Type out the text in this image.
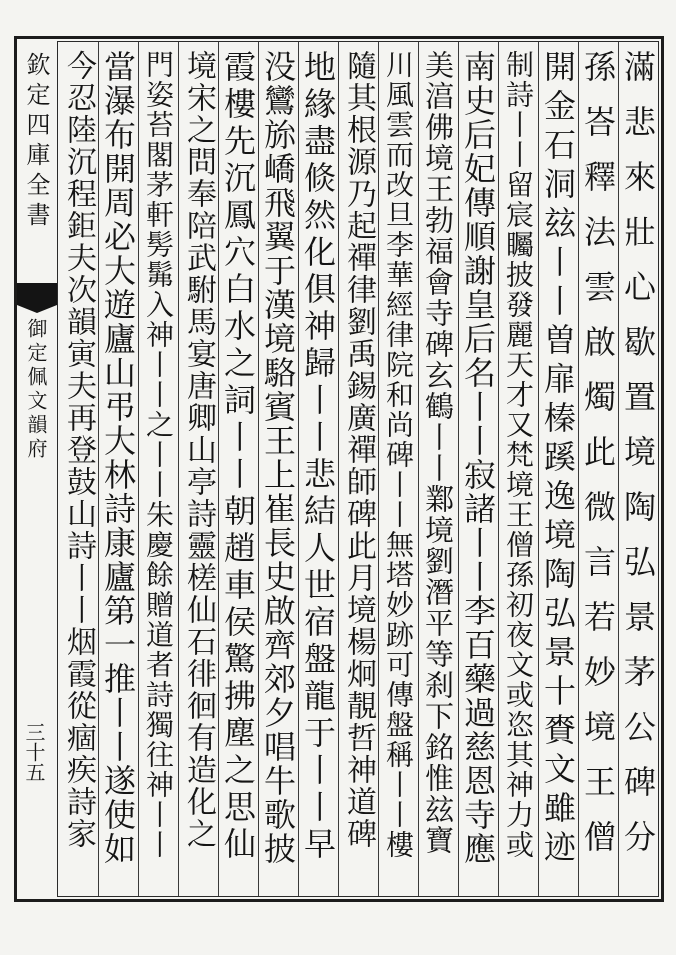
欽定四庫全書
御定佩文韻府
三十五	滿悲來壯心歇置境陶弘景茅公碑分
孫峇釋法雲啟燭此微言若妙境王僧
開金石洞玆丨丨曽扉榛蹊逸境陶弘景十賚文雖迹
制詩丨丨留宸矚披發麗天才又梵境王僧孫初夜文或恣其神力或
南史后妃傳順謝皇后名丨丨寂諸丨丨李百藥過慈恩寺應
美湻佛境王勃福會寺碑玄鶴丨丨鄴境劉潛平等刹下銘惟玆寶
川風雲而改旦李華經律院和尚碑丨丨無塔妙跡可傳盤稱丨丨樓
隨其根源乃起禪律劉禹錫廣禪師碑此月境楊炯靚哲神道碑
地緣盡倐然化俱神歸丨丨悲結人世宿盤龍于丨丨早
没鸞旀嶠飛翼于漢境駱賓王上崔長史啟齊郊夕唱牛歌披
霞樓先沉鳳穴白水之詞丨丨朝趙車侯驚拂塵之思仙
境宋之問奉陪武駙馬宴唐卿山亭詩靈槎仙石徘徊有造化之
門姿苔閣茅軒髣髴入神丨丨之丨丨朱慶餘贈道者詩獨往神丨丨
當瀑布開周必大遊廬山弔大林詩康廬第一推丨丨遂使如
今忍陸沉程鉅夫次韻寅夫再登鼓山詩丨丨烟霞從痼疾詩家
